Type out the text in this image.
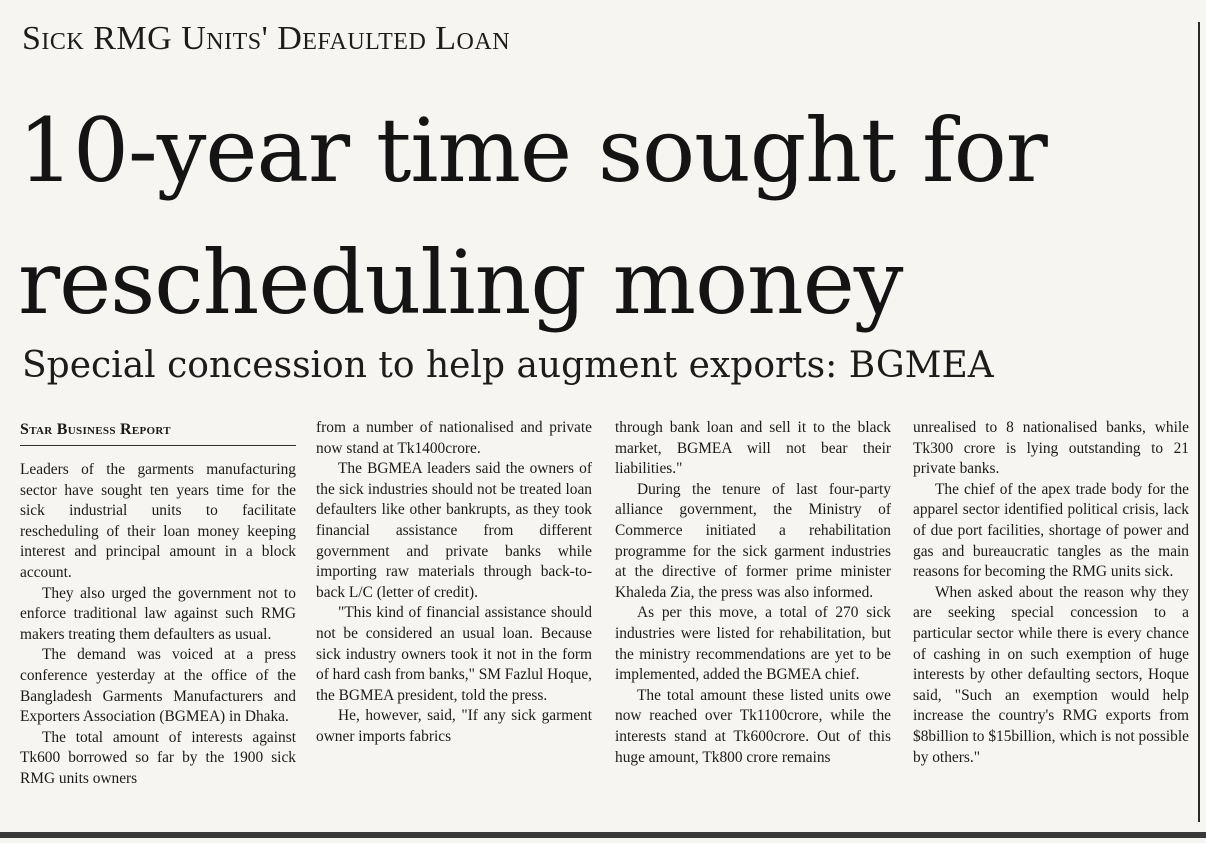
Sick RMG Units' Defaulted Loan
10-year time sought for rescheduling money
Special concession to help augment exports: BGMEA
Star Business Report

Leaders of the garments manufacturing sector have sought ten years time for the sick industrial units to facilitate rescheduling of their loan money keeping interest and principal amount in a block account.

They also urged the government not to enforce traditional law against such RMG makers treating them defaulters as usual.

The demand was voiced at a press conference yesterday at the office of the Bangladesh Garments Manufacturers and Exporters Association (BGMEA) in Dhaka.

The total amount of interests against Tk600 borrowed so far by the 1900 sick RMG units owners

from a number of nationalised and private now stand at Tk1400crore.

The BGMEA leaders said the owners of the sick industries should not be treated loan defaulters like other bankrupts, as they took financial assistance from different government and private banks while importing raw materials through back-to-back L/C (letter of credit).

"This kind of financial assistance should not be considered an usual loan. Because sick industry owners took it not in the form of hard cash from banks," SM Fazlul Hoque, the BGMEA president, told the press.

He, however, said, "If any sick garment owner imports fabrics

through bank loan and sell it to the black market, BGMEA will not bear their liabilities."

During the tenure of last four-party alliance government, the Ministry of Commerce initiated a rehabilitation programme for the sick garment industries at the directive of former prime minister Khaleda Zia, the press was also informed.

As per this move, a total of 270 sick industries were listed for rehabilitation, but the ministry recommendations are yet to be implemented, added the BGMEA chief.

The total amount these listed units owe now reached over Tk1100crore, while the interests stand at Tk600crore. Out of this huge amount, Tk800 crore remains

unrealised to 8 nationalised banks, while Tk300 crore is lying outstanding to 21 private banks.

The chief of the apex trade body for the apparel sector identified political crisis, lack of due port facilities, shortage of power and gas and bureaucratic tangles as the main reasons for becoming the RMG units sick.

When asked about the reason why they are seeking special concession to a particular sector while there is every chance of cashing in on such exemption of huge interests by other defaulting sectors, Hoque said, "Such an exemption would help increase the country's RMG exports from $8billion to $15billion, which is not possible by others."
